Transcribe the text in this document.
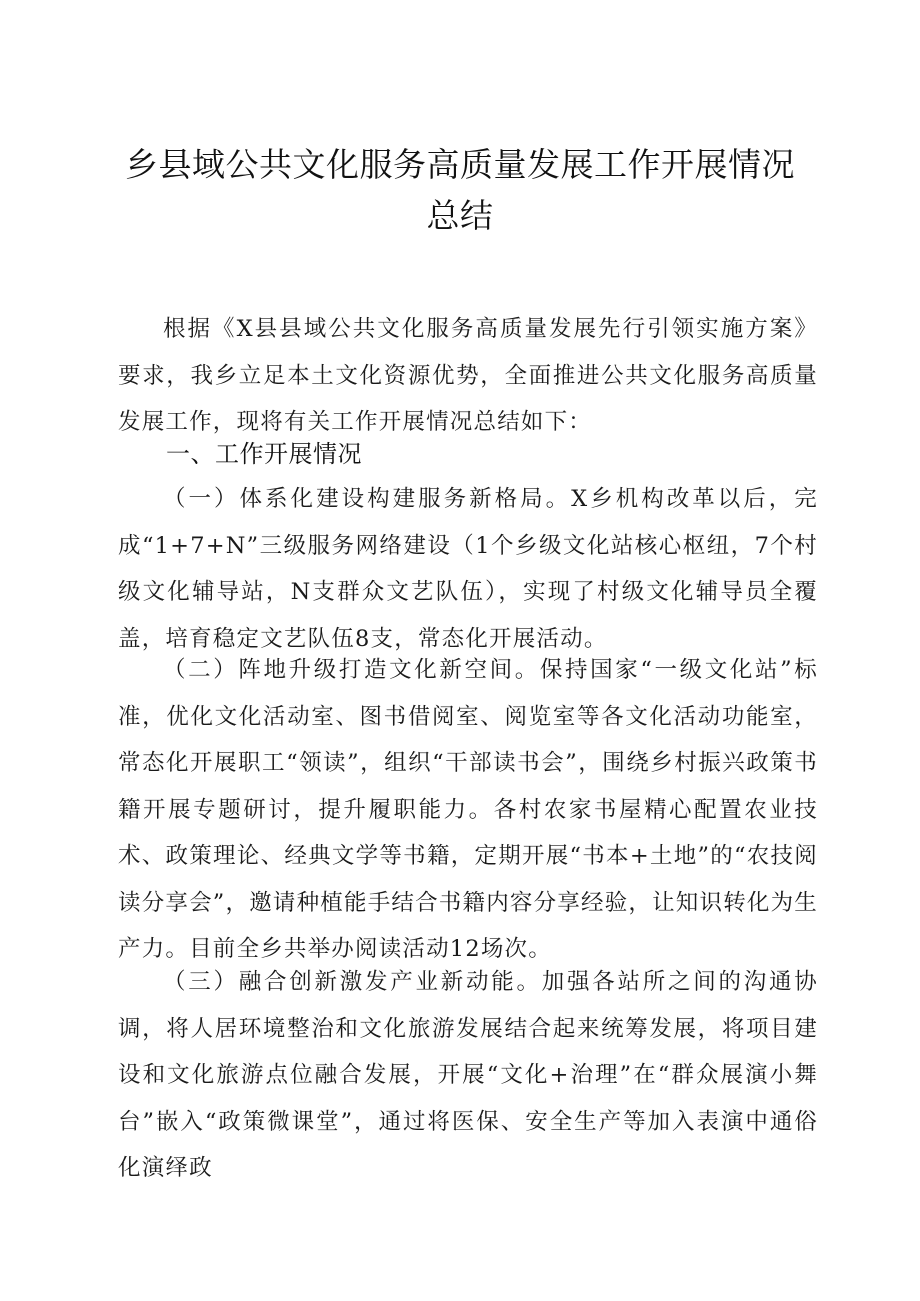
乡县域公共文化服务高质量发展工作开展情况
总结

根据《X县县域公共文化服务高质量发展先行引领实施方案》要求，我乡立足本土文化资源优势，全面推进公共文化服务高质量发展工作，现将有关工作开展情况总结如下：

一、工作开展情况

（一）体系化建设构建服务新格局。X乡机构改革以后，完成“1+7+N”三级服务网络建设（1个乡级文化站核心枢纽，7个村级文化辅导站，N支群众文艺队伍），实现了村级文化辅导员全覆盖，培育稳定文艺队伍8支，常态化开展活动。

（二）阵地升级打造文化新空间。保持国家“一级文化站”标准，优化文化活动室、图书借阅室、阅览室等各文化活动功能室，常态化开展职工“领读”，组织“干部读书会”，围绕乡村振兴政策书籍开展专题研讨，提升履职能力。各村农家书屋精心配置农业技术、政策理论、经典文学等书籍，定期开展“书本+土地”的“农技阅读分享会”，邀请种植能手结合书籍内容分享经验，让知识转化为生产力。目前全乡共举办阅读活动12场次。

（三）融合创新激发产业新动能。加强各站所之间的沟通协调，将人居环境整治和文化旅游发展结合起来统筹发展，将项目建设和文化旅游点位融合发展，开展“文化+治理”在“群众展演小舞台”嵌入“政策微课堂”，通过将医保、安全生产等加入表演中通俗化演绎政
